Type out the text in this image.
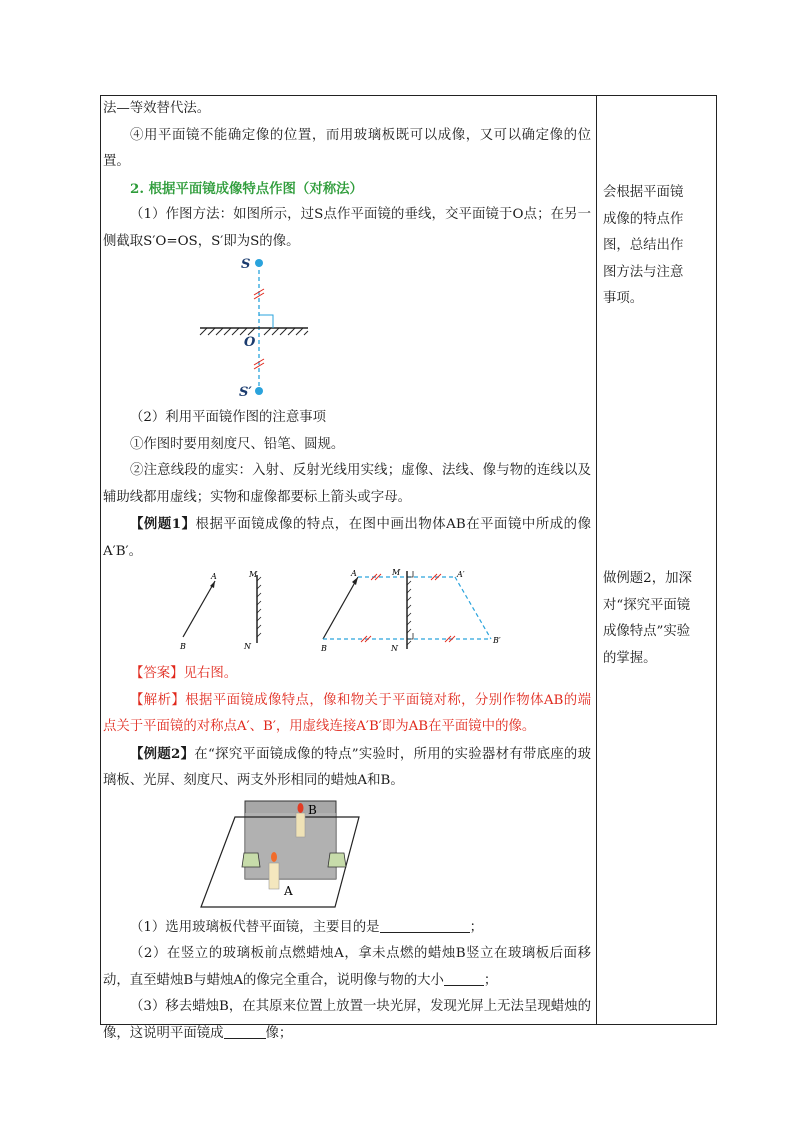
法—等效替代法。

④用平面镜不能确定像的位置，而用玻璃板既可以成像，又可以确定像的位置。

2. 根据平面镜成像特点作图（对称法）

（1）作图方法：如图所示，过S点作平面镜的垂线，交平面镜于O点；在另一侧截取S′O=OS，S′即为S的像。

S
O
S′

（2）利用平面镜作图的注意事项

①作图时要用刻度尺、铅笔、圆规。

②注意线段的虚实：入射、反射光线用实线；虚像、法线、像与物的连线以及辅助线都用虚线；实物和虚像都要标上箭头或字母。

【例题1】根据平面镜成像的特点，在图中画出物体AB在平面镜中所成的像A′B′。

A
B
M
N
A
B
M
N
A′
B′

【答案】见右图。

【解析】根据平面镜成像特点，像和物关于平面镜对称，分别作物体AB的端点关于平面镜的对称点A′、B′，用虚线连接A′B′即为AB在平面镜中的像。

【例题2】在“探究平面镜成像的特点”实验时，所用的实验器材有带底座的玻璃板、光屏、刻度尺、两支外形相同的蜡烛A和B。

B
A

（1）选用玻璃板代替平面镜，主要目的是	；

（2）在竖立的玻璃板前点燃蜡烛A，拿未点燃的蜡烛B竖立在玻璃板后面移动，直至蜡烛B与蜡烛A的像完全重合，说明像与物的大小	；

（3）移去蜡烛B，在其原来位置上放置一块光屏，发现光屏上无法呈现蜡烛的像，这说明平面镜成	像；

会根据平面镜成像的特点作图，总结出作图方法与注意事项。
做例题2，加深对“探究平面镜成像特点”实验的掌握。
